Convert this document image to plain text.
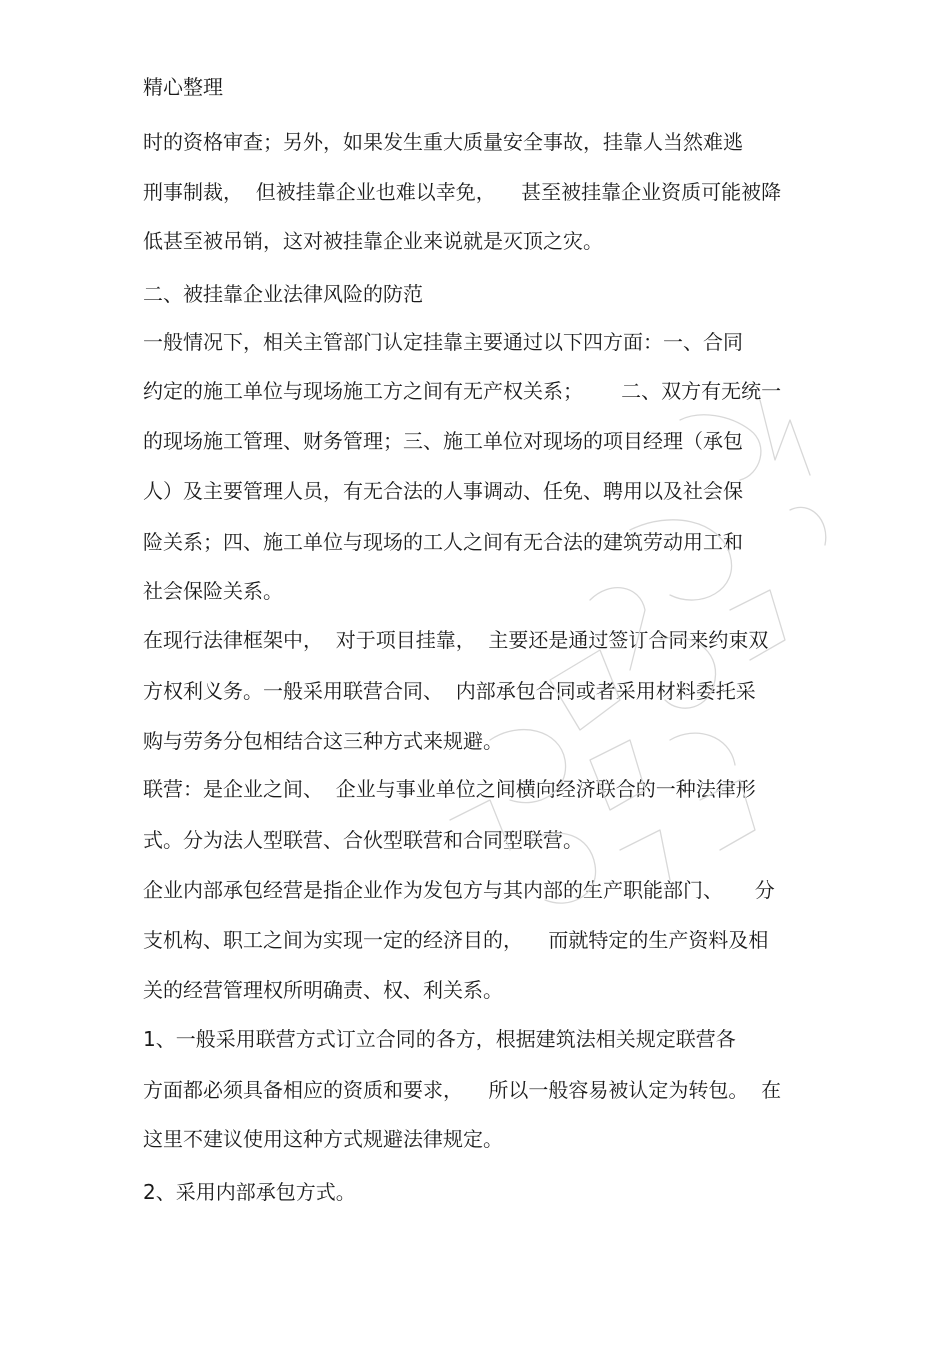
精心整理
时的资格审查；另外，如果发生重大质量安全事故，挂靠人当然难逃
刑事制裁，  但被挂靠企业也难以幸免，    甚至被挂靠企业资质可能被降
低甚至被吊销，这对被挂靠企业来说就是灭顶之灾。
二、被挂靠企业法律风险的防范
一般情况下，相关主管部门认定挂靠主要通过以下四方面：一、合同
约定的施工单位与现场施工方之间有无产权关系；      二、双方有无统一
的现场施工管理、财务管理；三、施工单位对现场的项目经理（承包
人）及主要管理人员，有无合法的人事调动、任免、聘用以及社会保
险关系；四、施工单位与现场的工人之间有无合法的建筑劳动用工和
社会保险关系。
在现行法律框架中，  对于项目挂靠，  主要还是通过签订合同来约束双
方权利义务。一般采用联营合同、  内部承包合同或者采用材料委托采
购与劳务分包相结合这三种方式来规避。
联营：是企业之间、  企业与事业单位之间横向经济联合的一种法律形
式。分为法人型联营、合伙型联营和合同型联营。
企业内部承包经营是指企业作为发包方与其内部的生产职能部门、     分
支机构、职工之间为实现一定的经济目的，    而就特定的生产资料及相
关的经营管理权所明确责、权、利关系。
1、一般采用联营方式订立合同的各方，根据建筑法相关规定联营各
方面都必须具备相应的资质和要求，    所以一般容易被认定为转包。  在
这里不建议使用这种方式规避法律规定。
2、采用内部承包方式。
